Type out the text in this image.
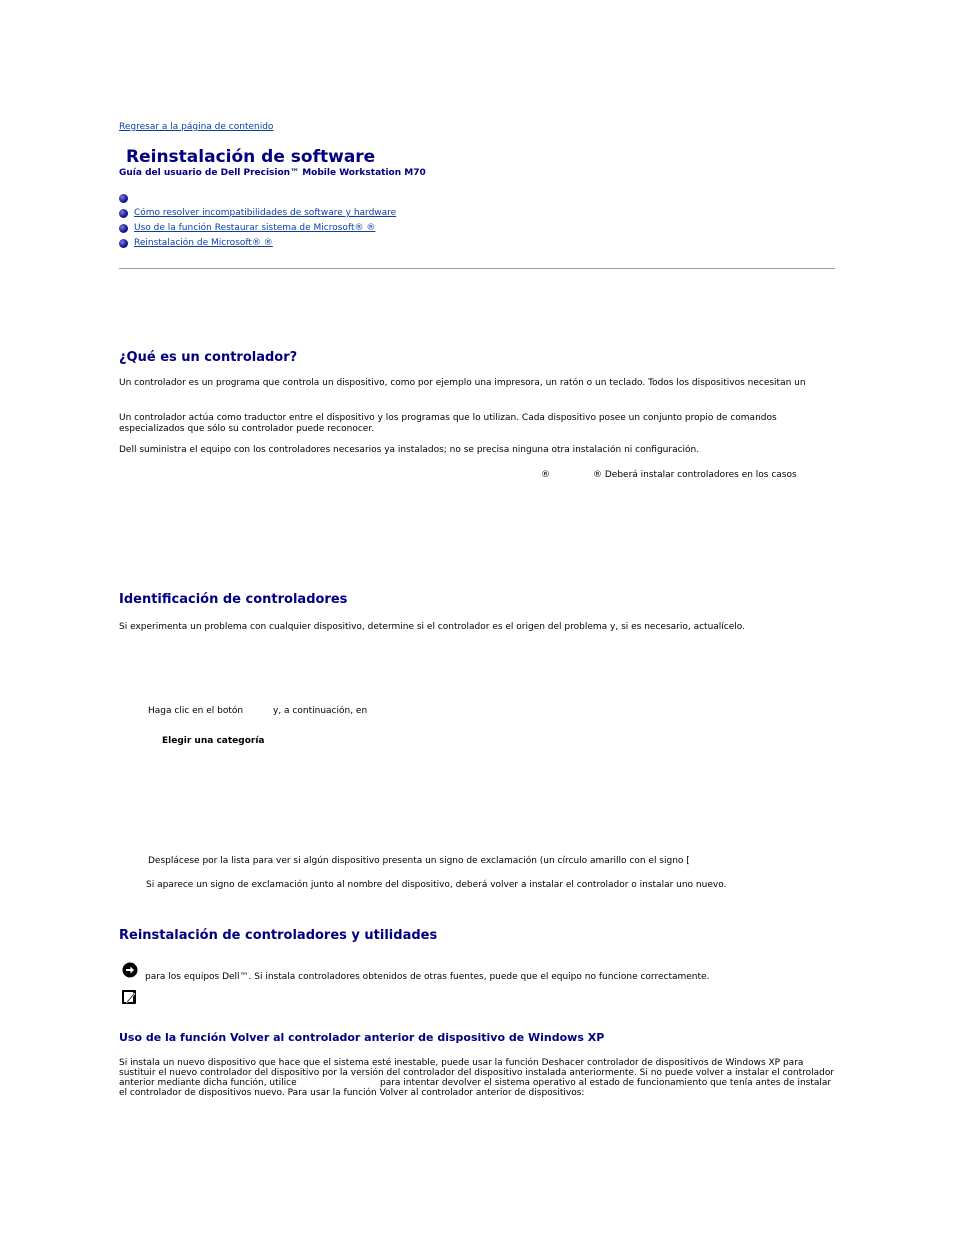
Regresar a la página de contenido
Reinstalación de software
Guía del usuario de Dell Precision™ Mobile Workstation M70
Cómo resolver incompatibilidades de software y hardware
Uso de la función Restaurar sistema de Microsoft® ®
Reinstalación de Microsoft® ®
¿Qué es un controlador?
Un controlador es un programa que controla un dispositivo, como por ejemplo una impresora, un ratón o un teclado. Todos los dispositivos necesitan un
Un controlador actúa como traductor entre el dispositivo y los programas que lo utilizan. Cada dispositivo posee un conjunto propio de comandos especializados que sólo su controlador puede reconocer.
Dell suministra el equipo con los controladores necesarios ya instalados; no se precisa ninguna otra instalación ni configuración.
®	® Deberá instalar controladores en los casos
Identificación de controladores
Si experimenta un problema con cualquier dispositivo, determine si el controlador es el origen del problema y, si es necesario, actualícelo.
Haga clic en el botón	y, a continuación, en
Elegir una categoría
Desplácese por la lista para ver si algún dispositivo presenta un signo de exclamación (un círculo amarillo con el signo [
Si aparece un signo de exclamación junto al nombre del dispositivo, deberá volver a instalar el controlador o instalar uno nuevo.
Reinstalación de controladores y utilidades
para los equipos Dell™. Si instala controladores obtenidos de otras fuentes, puede que el equipo no funcione correctamente.
Uso de la función Volver al controlador anterior de dispositivo de Windows XP
Si instala un nuevo dispositivo que hace que el sistema esté inestable, puede usar la función Deshacer controlador de dispositivos de Windows XP para
sustituir el nuevo controlador del dispositivo por la versión del controlador del dispositivo instalada anteriormente. Si no puede volver a instalar el controlador
anterior mediante dicha función, utilice	para intentar devolver el sistema operativo al estado de funcionamiento que tenía antes de instalar
el controlador de dispositivos nuevo. Para usar la función Volver al controlador anterior de dispositivos:
